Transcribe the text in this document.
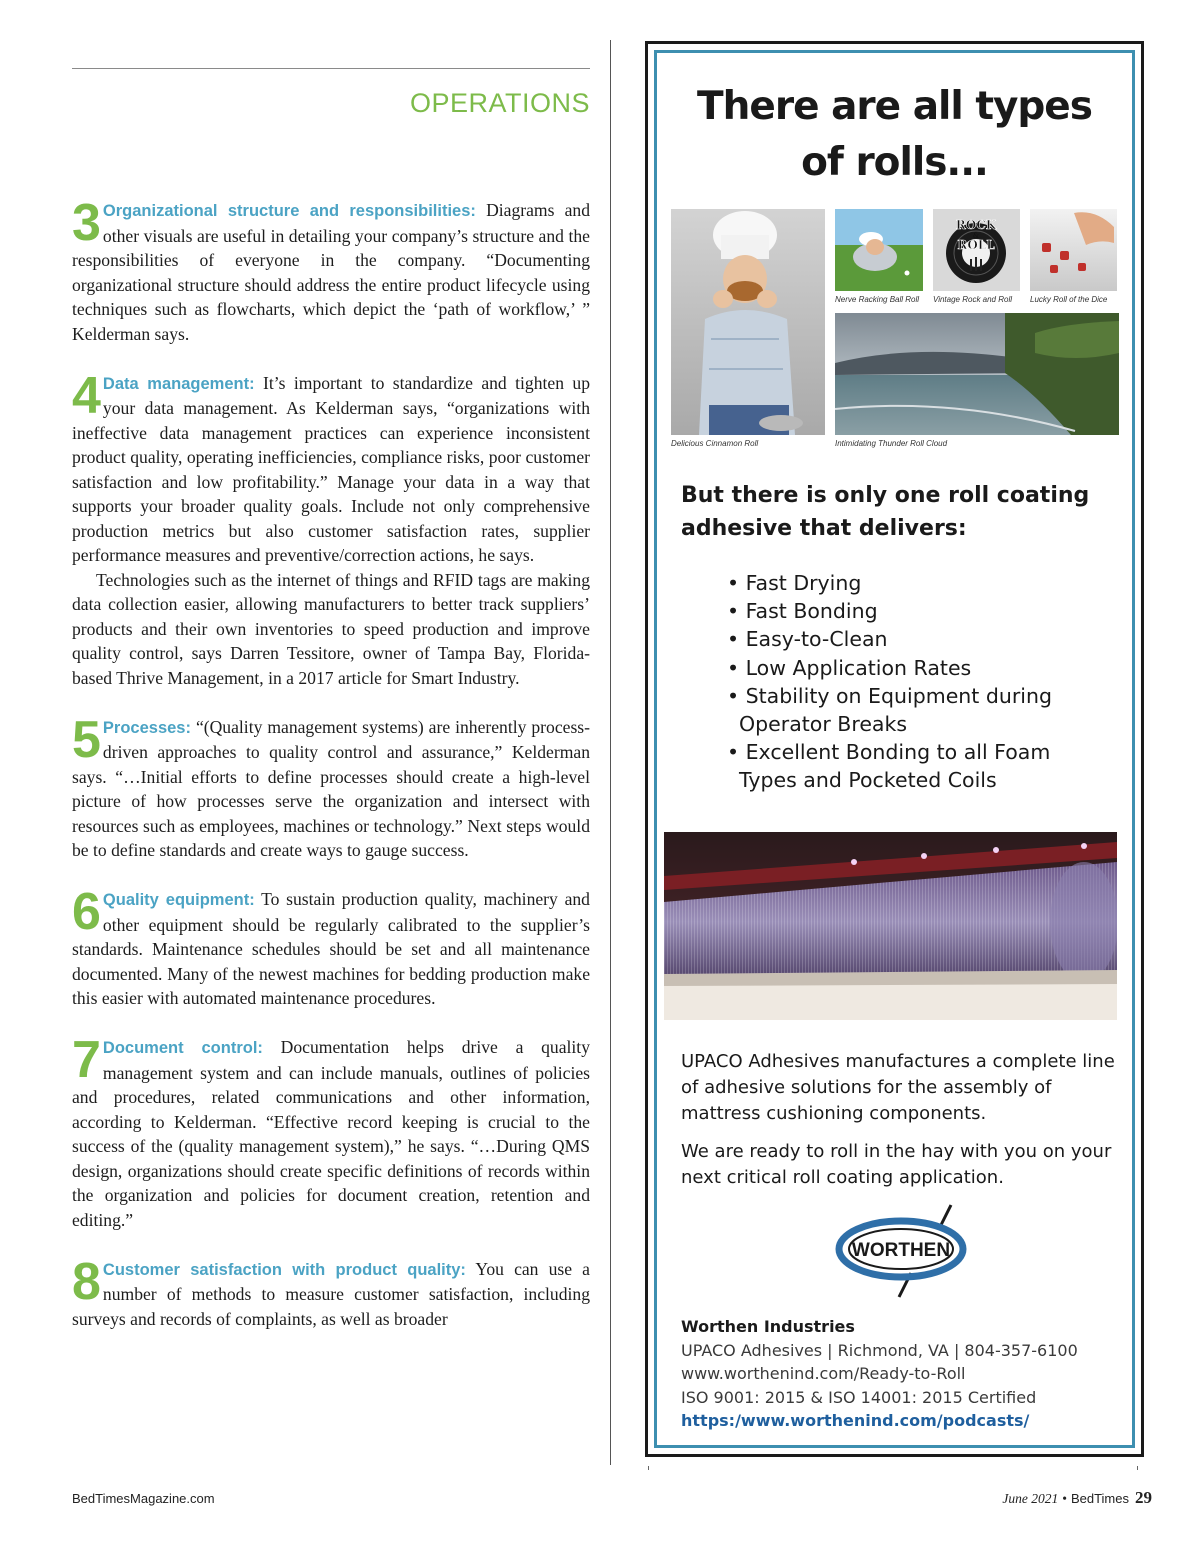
OPERATIONS
3 Organizational structure and responsibilities: Diagrams and other visuals are useful in detailing your company’s structure and the responsibilities of everyone in the company. “Documenting organizational structure should address the entire product lifecycle using techniques such as flowcharts, which depict the ‘path of workflow,’ ” Kelderman says.

4 Data management: It’s important to standardize and tighten up your data management. As Kelderman says, “organizations with ineffective data management practices can experience inconsistent product quality, operating inefficiencies, compliance risks, poor customer satisfaction and low profitability.” Manage your data in a way that supports your broader quality goals. Include not only comprehensive production metrics but also customer satisfaction rates, supplier performance measures and preventive/correction actions, he says.

Technologies such as the internet of things and RFID tags are making data collection easier, allowing manufacturers to better track suppliers’ products and their own inventories to speed production and improve quality control, says Darren Tessitore, owner of Tampa Bay, Florida-based Thrive Management, in a 2017 article for Smart Industry.

5 Processes: “(Quality management systems) are inherently process-driven approaches to quality control and assurance,” Kelderman says. “…Initial efforts to define processes should create a high-level picture of how processes serve the organization and intersect with resources such as employees, machines or technology.” Next steps would be to define standards and create ways to gauge success.

6 Quality equipment: To sustain production quality, machinery and other equipment should be regularly calibrated to the supplier’s standards. Maintenance schedules should be set and all maintenance documented. Many of the newest machines for bedding production make this easier with automated maintenance procedures.

7 Document control: Documentation helps drive a quality management system and can include manuals, outlines of policies and procedures, related communications and other information, according to Kelderman. “Effective record keeping is crucial to the success of the (quality management system),” he says. “…During QMS design, organizations should create specific definitions of records within the organization and policies for document creation, retention and editing.”

8 Customer satisfaction with product quality: You can use a number of methods to measure customer satisfaction, including surveys and records of complaints, as well as broader

There are all types
of rolls...
Delicious Cinnamon Roll
Nerve Racking Ball Roll
ROCK
&
ROLL
Vintage Rock and Roll Lucky Roll of the Dice
Intimidating Thunder Roll Cloud
But there is only one roll coating adhesive that delivers:
• Fast Drying
• Fast Bonding
• Easy-to-Clean
• Low Application Rates
• Stability on Equipment during
Operator Breaks
• Excellent Bonding to all Foam
Types and Pocketed Coils

UPACO Adhesives manufactures a complete line of adhesive solutions for the assembly of mattress cushioning components.

We are ready to roll in the hay with you on your next critical roll coating application.

WORTHEN
Worthen Industries
UPACO Adhesives | Richmond, VA | 804-357-6100
www.worthenind.com/Ready-to-Roll
ISO 9001: 2015 & ISO 14001: 2015 Certified
https:/www.worthenind.com/podcasts/
BedTimesMagazine.com	June 2021 • BedTimes 29
